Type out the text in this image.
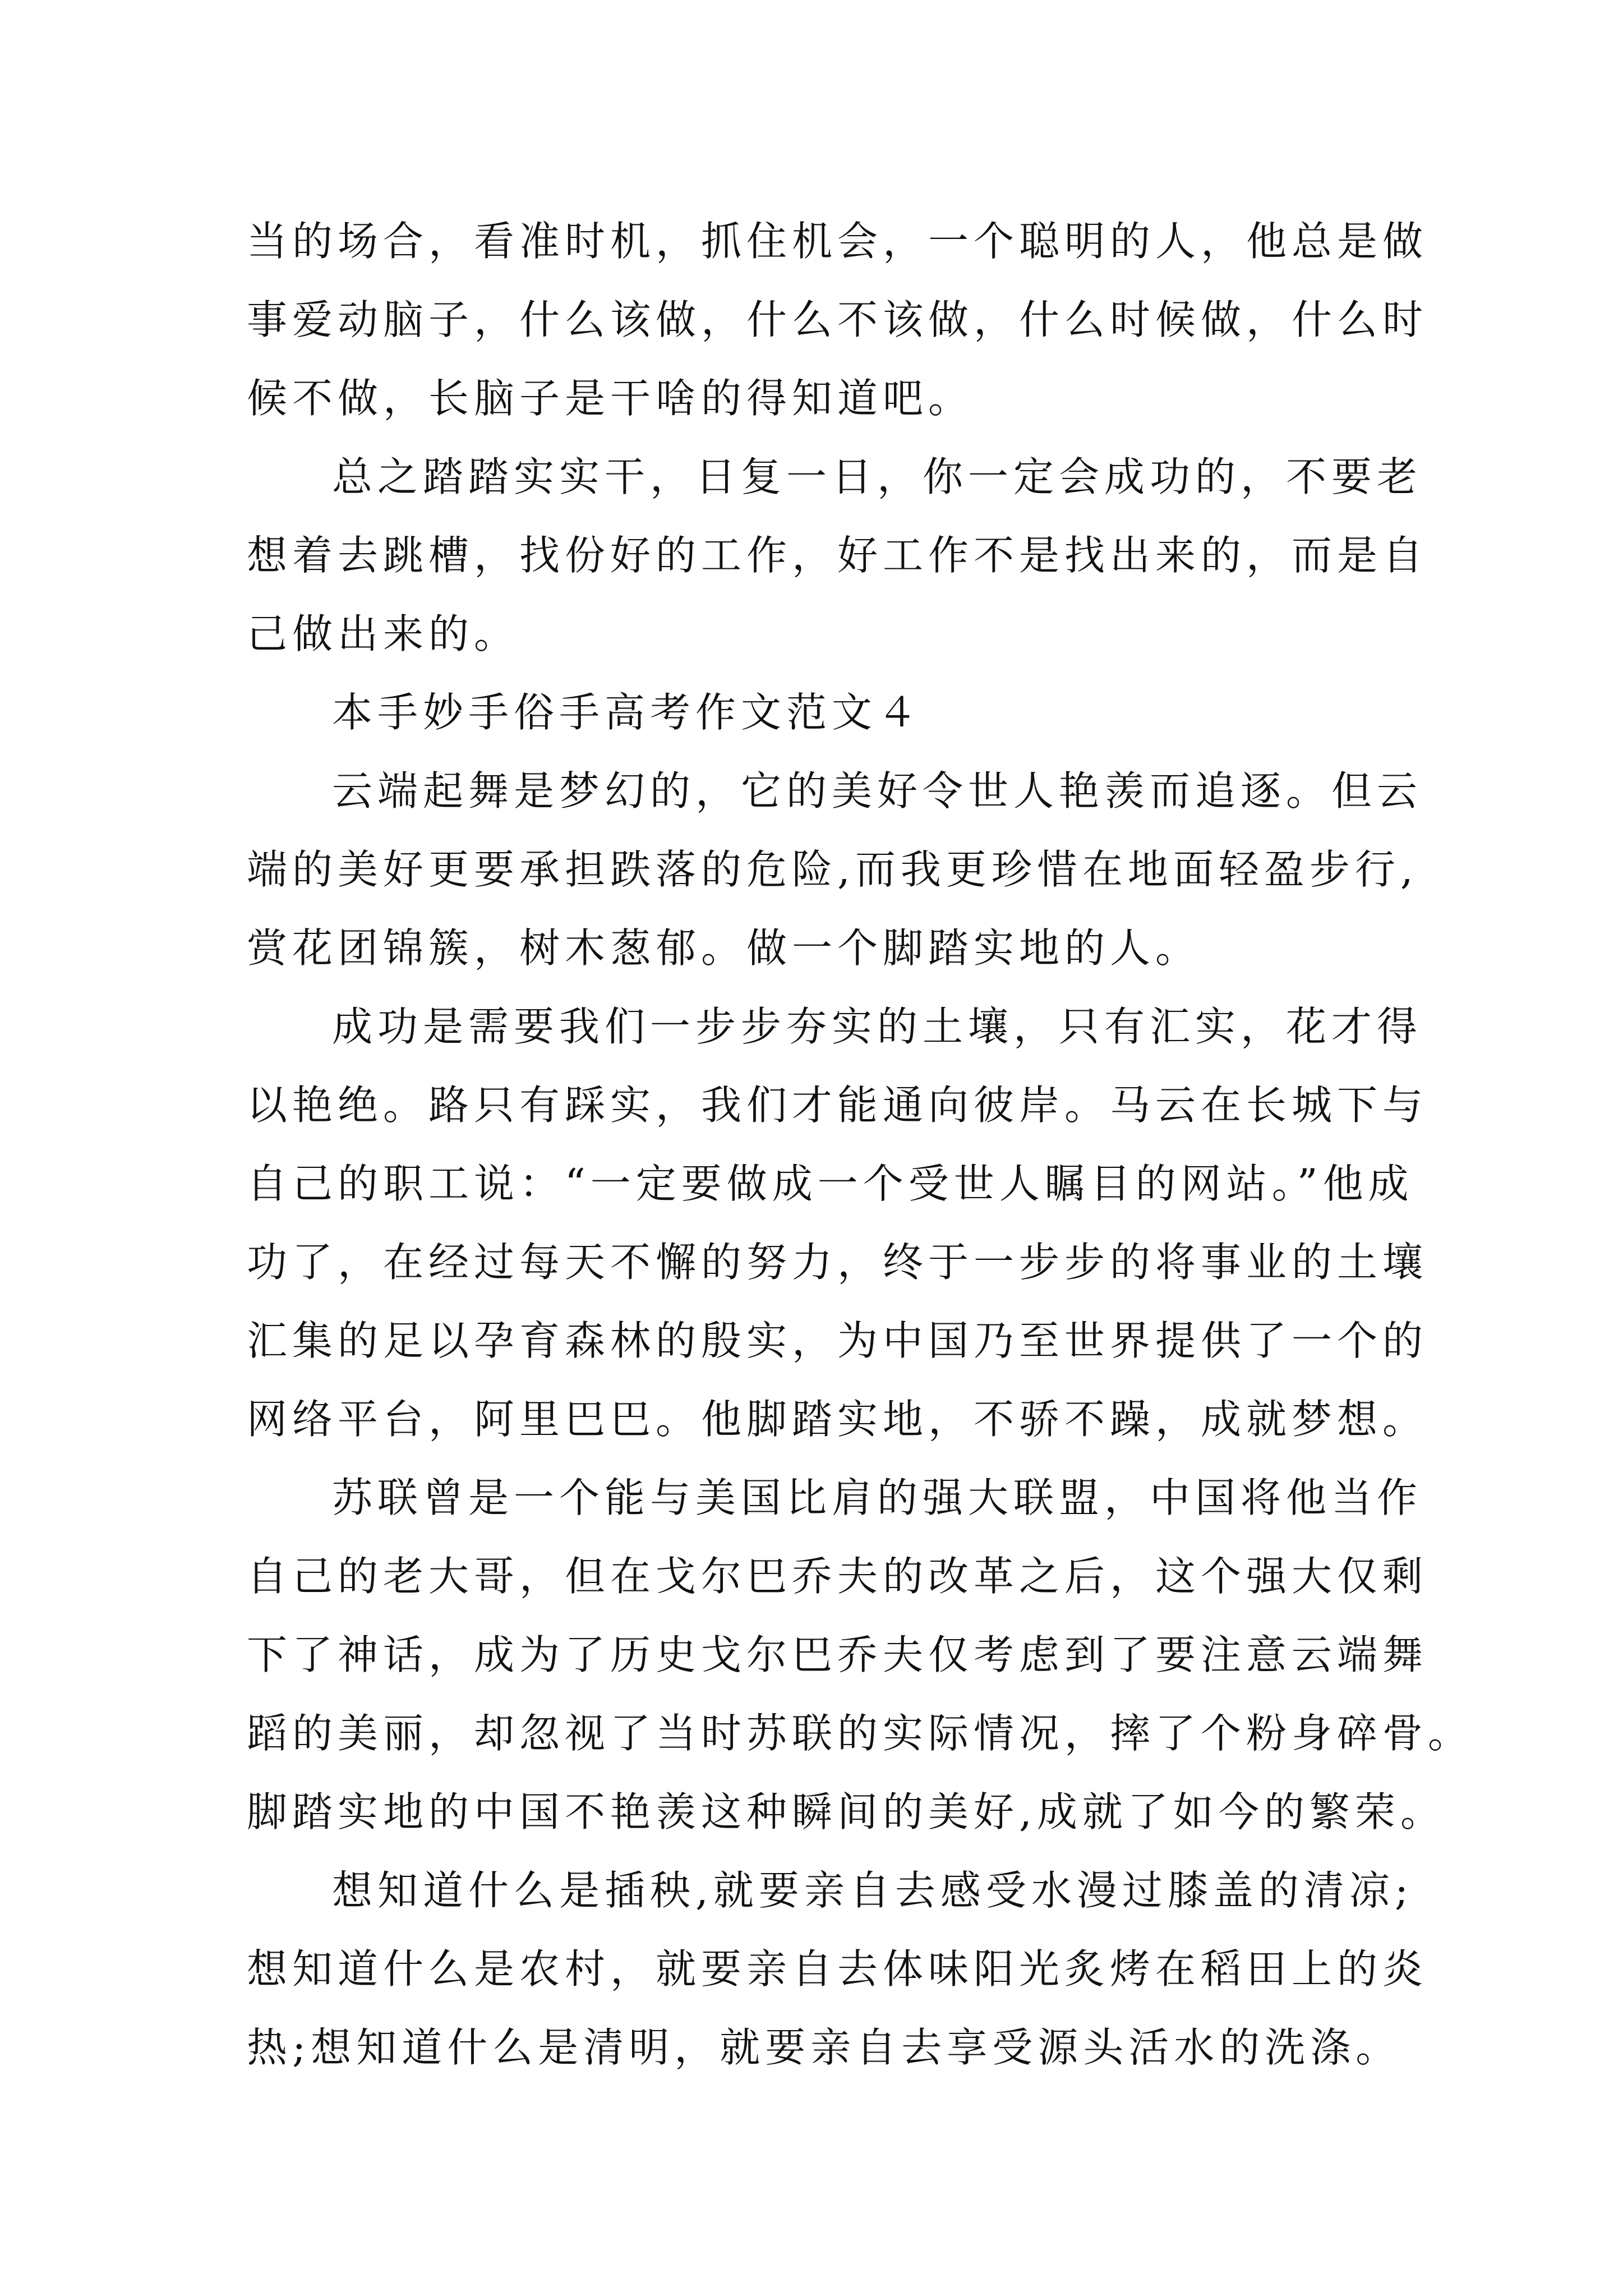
当的场合，看准时机，抓住机会，一个聪明的人，他总是做
事爱动脑子，什么该做，什么不该做，什么时候做，什么时
候不做，长脑子是干啥的得知道吧。
总之踏踏实实干，日复一日，你一定会成功的，不要老
想着去跳槽，找份好的工作，好工作不是找出来的，而是自
己做出来的。
本手妙手俗手高考作文范文４
云端起舞是梦幻的，它的美好令世人艳羡而追逐。但云
端的美好更要承担跌落的危险,而我更珍惜在地面轻盈步行,
赏花团锦簇，树木葱郁。做一个脚踏实地的人。
成功是需要我们一步步夯实的土壤，只有汇实，花才得
以艳绝。路只有踩实，我们才能通向彼岸。马云在长城下与
自己的职工说：“一定要做成一个受世人瞩目的网站。”他成
功了，在经过每天不懈的努力，终于一步步的将事业的土壤
汇集的足以孕育森林的殷实，为中国乃至世界提供了一个的
网络平台，阿里巴巴。他脚踏实地，不骄不躁，成就梦想。
苏联曾是一个能与美国比肩的强大联盟，中国将他当作
自己的老大哥，但在戈尔巴乔夫的改革之后，这个强大仅剩
下了神话，成为了历史戈尔巴乔夫仅考虑到了要注意云端舞
蹈的美丽，却忽视了当时苏联的实际情况，摔了个粉身碎骨。
脚踏实地的中国不艳羡这种瞬间的美好,成就了如今的繁荣。
想知道什么是插秧,就要亲自去感受水漫过膝盖的清凉;
想知道什么是农村，就要亲自去体味阳光炙烤在稻田上的炎
热;想知道什么是清明，就要亲自去享受源头活水的洗涤。
